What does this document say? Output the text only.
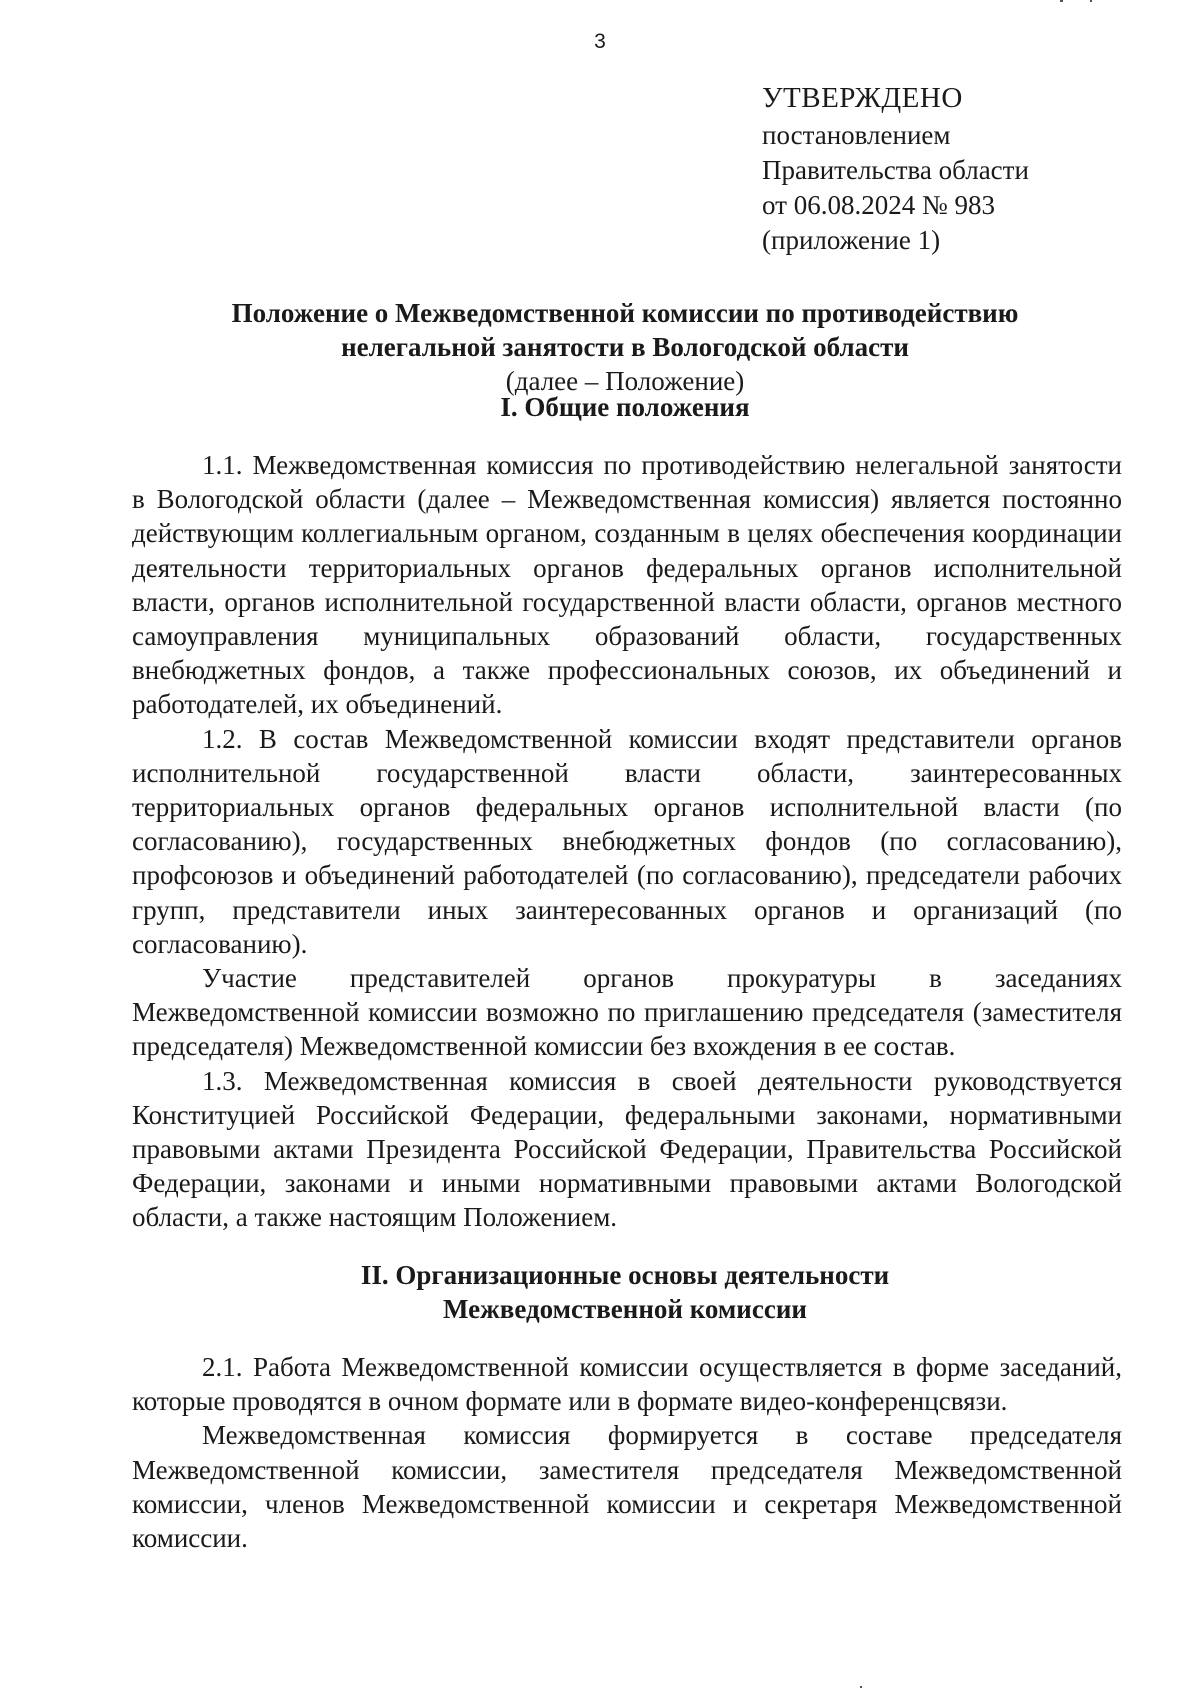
3
УТВЕРЖДЕНО
постановлением
Правительства области
от 06.08.2024 № 983
(приложение 1)
Положение о Межведомственной комиссии по противодействию
нелегальной занятости в Вологодской области
(далее – Положение)
I. Общие положения

1.1. Межведомственная комиссия по противодействию нелегальной занятости в Вологодской области (далее – Межведомственная комиссия) является постоянно действующим коллегиальным органом, созданным в целях обеспечения координации деятельности территориальных органов федеральных органов исполнительной власти, органов исполнительной государственной власти области, органов местного самоуправления муниципальных образований области, государственных внебюджетных фондов, а также профессиональных союзов, их объединений и работодателей, их объединений.

1.2. В состав Межведомственной комиссии входят представители органов исполнительной государственной власти области, заинтересованных территориальных органов федеральных органов исполнительной власти (по согласованию), государственных внебюджетных фондов (по согласованию), профсоюзов и объединений работодателей (по согласованию), председатели рабочих групп, представители иных заинтересованных органов и организаций (по согласованию).

Участие представителей органов прокуратуры в заседаниях Межведомственной комиссии возможно по приглашению председателя (заместителя председателя) Межведомственной комиссии без вхождения в ее состав.

1.3. Межведомственная комиссия в своей деятельности руководствуется Конституцией Российской Федерации, федеральными законами, нормативными правовыми актами Президента Российской Федерации, Правительства Российской Федерации, законами и иными нормативными правовыми актами Вологодской области, а также настоящим Положением.

II. Организационные основы деятельности
Межведомственной комиссии

2.1. Работа Межведомственной комиссии осуществляется в форме заседаний, которые проводятся в очном формате или в формате видео-конференцсвязи.

Межведомственная комиссия формируется в составе председателя Межведомственной комиссии, заместителя председателя Межведомственной комиссии, членов Межведомственной комиссии и секретаря Межведомственной комиссии.
